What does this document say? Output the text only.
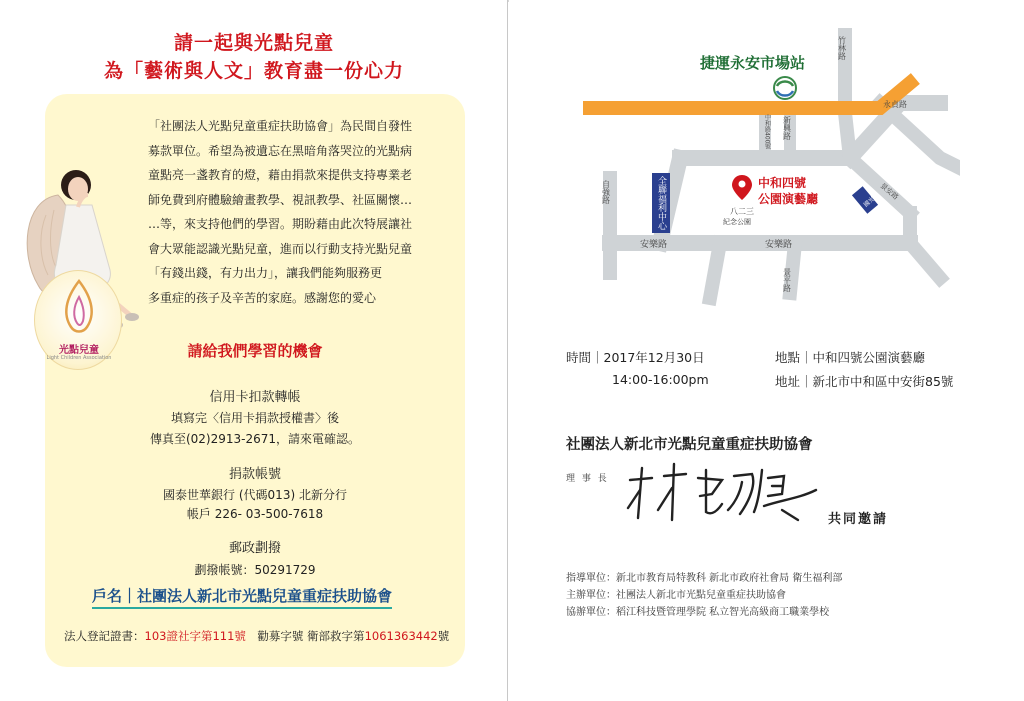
請一起與光點兒童
為「藝術與人文」教育盡一份心力

「社團法人光點兒童重症扶助協會」為民間自發性

募款單位。希望為被遺忘在黑暗角落哭泣的光點病

童點亮一盞教育的燈，藉由捐款來提供支持專業老

師免費到府體驗繪畫教學、視訊教學、社區關懷…

…等，來支持他們的學習。期盼藉由此次特展讓社

會大眾能認識光點兒童，進而以行動支持光點兒童

「有錢出錢，有力出力」，讓我們能夠服務更

多重症的孩子及辛苦的家庭。感謝您的愛心

光點兒童
Light Children Association	請給我們學習的機會
信用卡扣款轉帳
填寫完〈信用卡捐款授權書〉後
傳真至(02)2913-2671，請來電確認。
捐款帳號
國泰世華銀行 (代碼013) 北新分行
帳戶 226- 03-500-7618
郵政劃撥
劃撥帳號：50291729
戶名｜社團法人新北市光點兒童重症扶助協會
法人登記證書：103證社字第111號　勸募字號 衛部救字第1061363442號
全聯福利中心	國光牌
安樂路	安樂路
自強路
中和路400號 新興路
永貞路
竹林路
景平路
景安路
中和四號
公園演藝廳
八二三
紀念公園
捷運永安市場站
時間｜2017年12月30日
14:00-16:00pm
地點｜中和四號公園演藝廳
地址｜新北市中和區中安街85號
社團法人新北市光點兒童重症扶助協會
理 事 長
共同邀請
指導單位：新北市教育局特教科 新北市政府社會局 衛生福利部
主辦單位：社團法人新北市光點兒童重症扶助協會
協辦單位：稻江科技暨管理學院 私立智光高級商工職業學校
